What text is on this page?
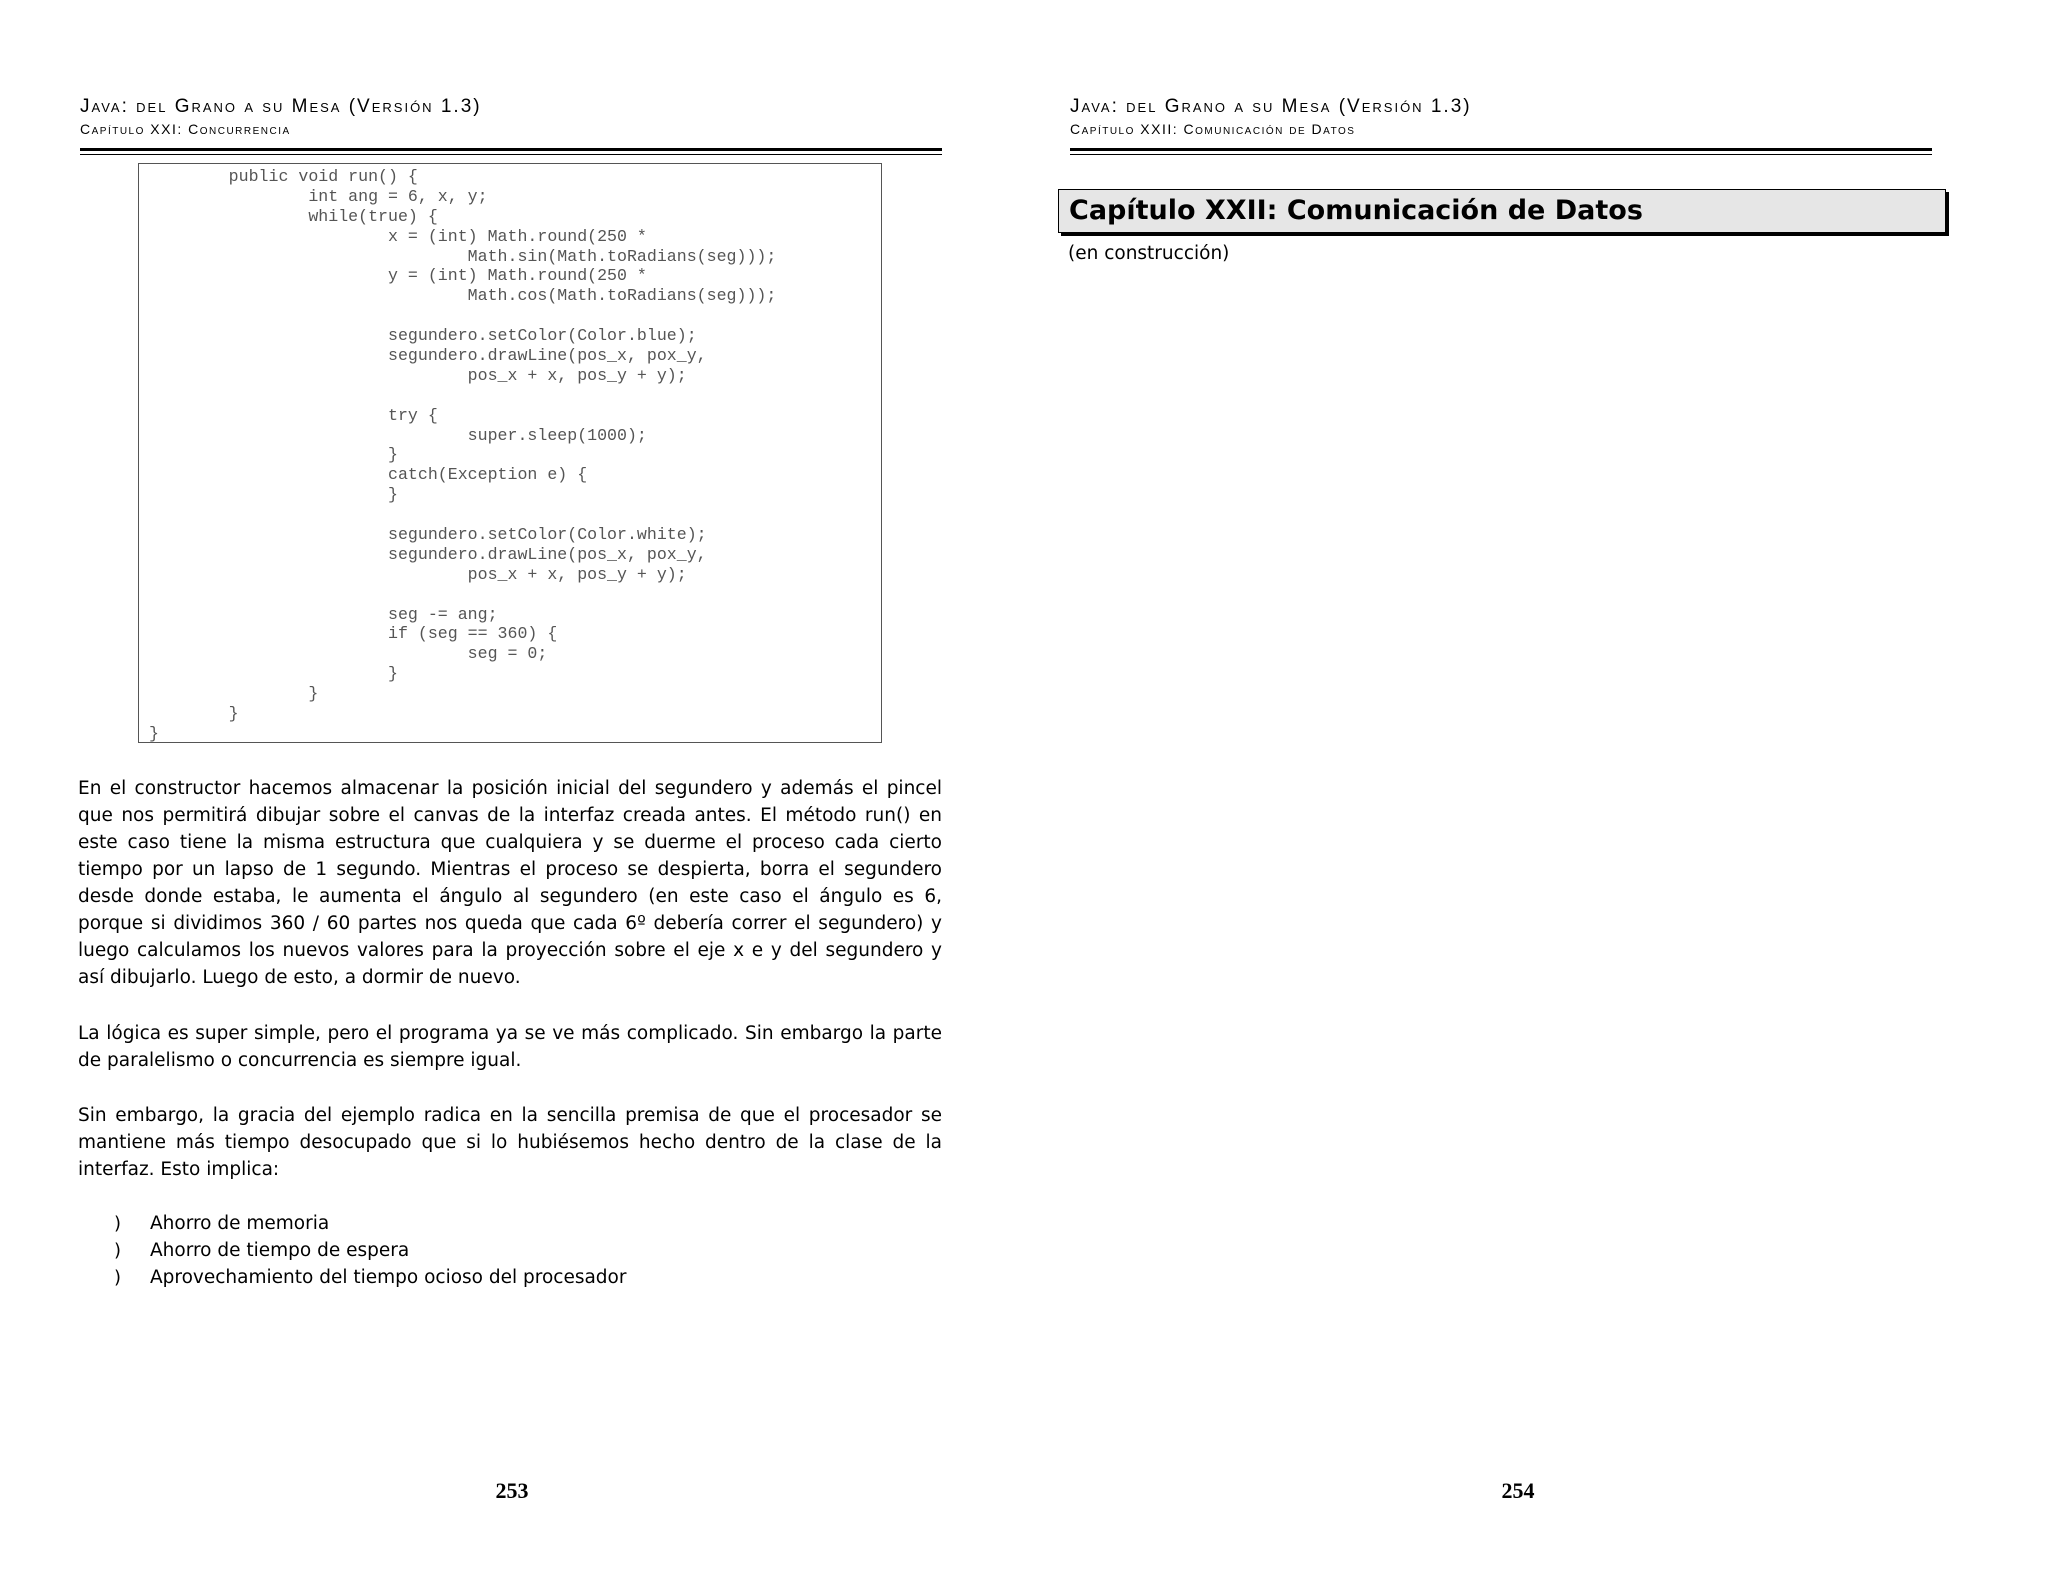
Java: del Grano a su Mesa (Versión 1.3)
Capítulo XXI: Concurrencia
public void run() {
int ang = 6, x, y;
while(true) {
x = (int) Math.round(250 *
Math.sin(Math.toRadians(seg)));
y = (int) Math.round(250 *
Math.cos(Math.toRadians(seg)));
segundero.setColor(Color.blue);
segundero.drawLine(pos_x, pox_y,
pos_x + x, pos_y + y);
try {
super.sleep(1000);
}
catch(Exception e) {
}
segundero.setColor(Color.white);
segundero.drawLine(pos_x, pox_y,
pos_x + x, pos_y + y);
seg -= ang;
if (seg == 360) {
seg = 0;
}
}
}
}

En el constructor hacemos almacenar la posición inicial del segundero y además el pincel que nos permitirá dibujar sobre el canvas de la interfaz creada antes. El método run() en este caso tiene la misma estructura que cualquiera y se duerme el proceso cada cierto tiempo por un lapso de 1 segundo. Mientras el proceso se despierta, borra el segundero desde donde estaba, le aumenta el ángulo al segundero (en este caso el ángulo es 6, porque si dividimos 360 / 60 partes nos queda que cada 6º debería correr el segundero) y luego calculamos los nuevos valores para la proyección sobre el eje x e y del segundero y así dibujarlo. Luego de esto, a dormir de nuevo.

La lógica es super simple, pero el programa ya se ve más complicado. Sin embargo la parte de paralelismo o concurrencia es siempre igual.

Sin embargo, la gracia del ejemplo radica en la sencilla premisa de que el procesador se mantiene más tiempo desocupado que si lo hubiésemos hecho dentro de la clase de la interfaz. Esto implica:

) Ahorro de memoria
) Ahorro de tiempo de espera
) Aprovechamiento del tiempo ocioso del procesador
253
Java: del Grano a su Mesa (Versión 1.3)
Capítulo XXII: Comunicación de Datos
Capítulo XXII: Comunicación de Datos
(en construcción)
254
